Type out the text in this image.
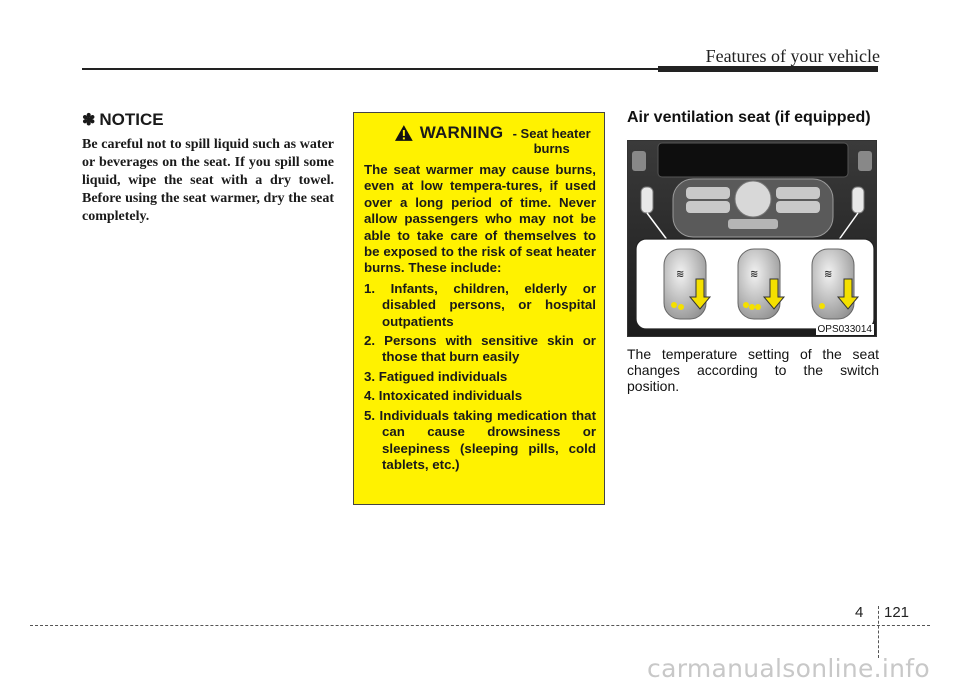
Features of your vehicle
✽ NOTICE

Be careful not to spill liquid such as water or beverages on the seat. If you spill some liquid, wipe the seat with a dry towel. Before using the seat warmer, dry the seat completely.

WARNING - Seat heater burns

The seat warmer may cause burns, even at low tempera-tures, if used over a long period of time. Never allow passengers who may not be able to take care of themselves to be exposed to the risk of seat heater burns. These include:

1. Infants, children, elderly or disabled persons, or hospital outpatients
2. Persons with sensitive skin or those that burn easily
3. Fatigued individuals
4. Intoxicated individuals
5. Individuals taking medication that can cause drowsiness or sleepiness (sleeping pills, cold tablets, etc.)
Air ventilation seat (if equipped)
≋	≋	≋
OPS033014

The temperature setting of the seat changes according to the switch position.

4 121
carmanualsonline.info
